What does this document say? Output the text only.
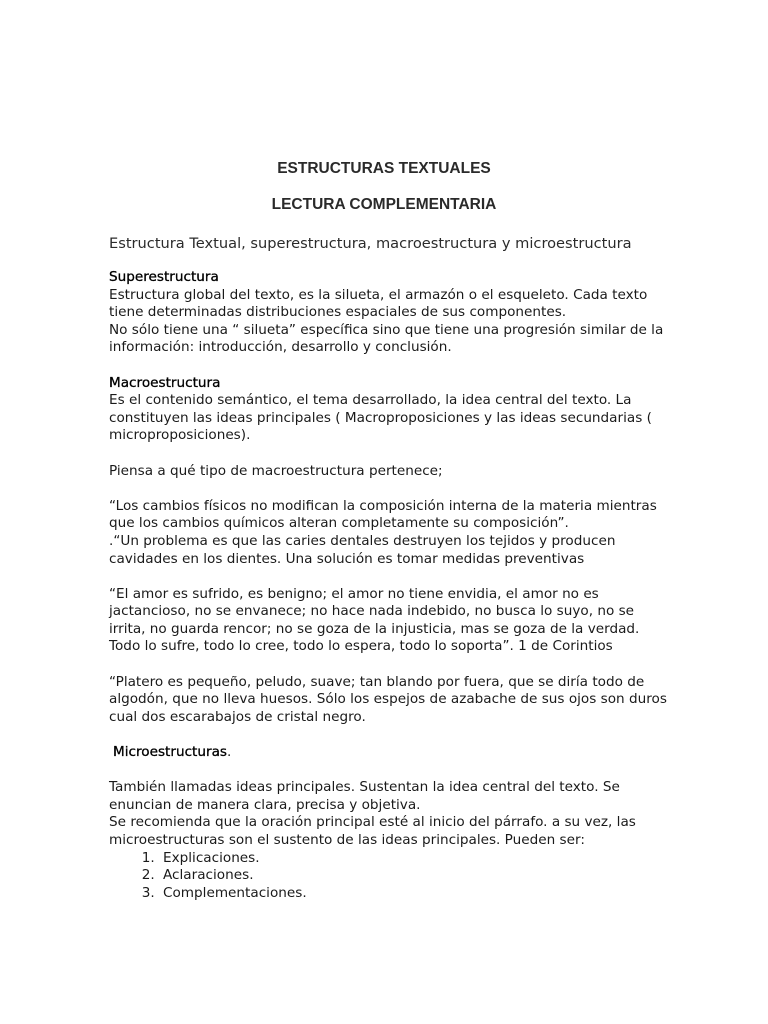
ESTRUCTURAS TEXTUALES
LECTURA COMPLEMENTARIA

Estructura Textual, superestructura, macroestructura y microestructura

Superestructura

Estructura global del texto, es la silueta, el armazón o el esqueleto. Cada texto tiene determinadas distribuciones espaciales de sus componentes.

No sólo tiene una “ silueta” específica sino que tiene una progresión similar de la información: introducción, desarrollo y conclusión.

Macroestructura

Es el contenido semántico, el tema desarrollado, la idea central del texto. La constituyen las ideas principales ( Macroproposiciones y las ideas secundarias ( microproposiciones).

Piensa a qué tipo de macroestructura pertenece;

“Los cambios físicos no modifican la composición interna de la materia mientras que los cambios químicos alteran completamente su composición”.

.“Un problema es que las caries dentales destruyen los tejidos y producen cavidades en los dientes. Una solución es tomar medidas preventivas

“El amor es sufrido, es benigno; el amor no tiene envidia, el amor no es jactancioso, no se envanece; no hace nada indebido, no busca lo suyo, no se irrita, no guarda rencor; no se goza de la injusticia, mas se goza de la verdad. Todo lo sufre, todo lo cree, todo lo espera, todo lo soporta”. 1 de Corintios

“Platero es pequeño, peludo, suave; tan blando por fuera, que se diría todo de algodón, que no lleva huesos. Sólo los espejos de azabache de sus ojos son duros cual dos escarabajos de cristal negro.

Microestructuras.

También llamadas ideas principales. Sustentan la idea central del texto. Se enuncian de manera clara, precisa y objetiva.

Se recomienda que la oración principal esté al inicio del párrafo. a su vez, las microestructuras son el sustento de las ideas principales. Pueden ser:

1. Explicaciones.
2. Aclaraciones.
3. Complementaciones.
